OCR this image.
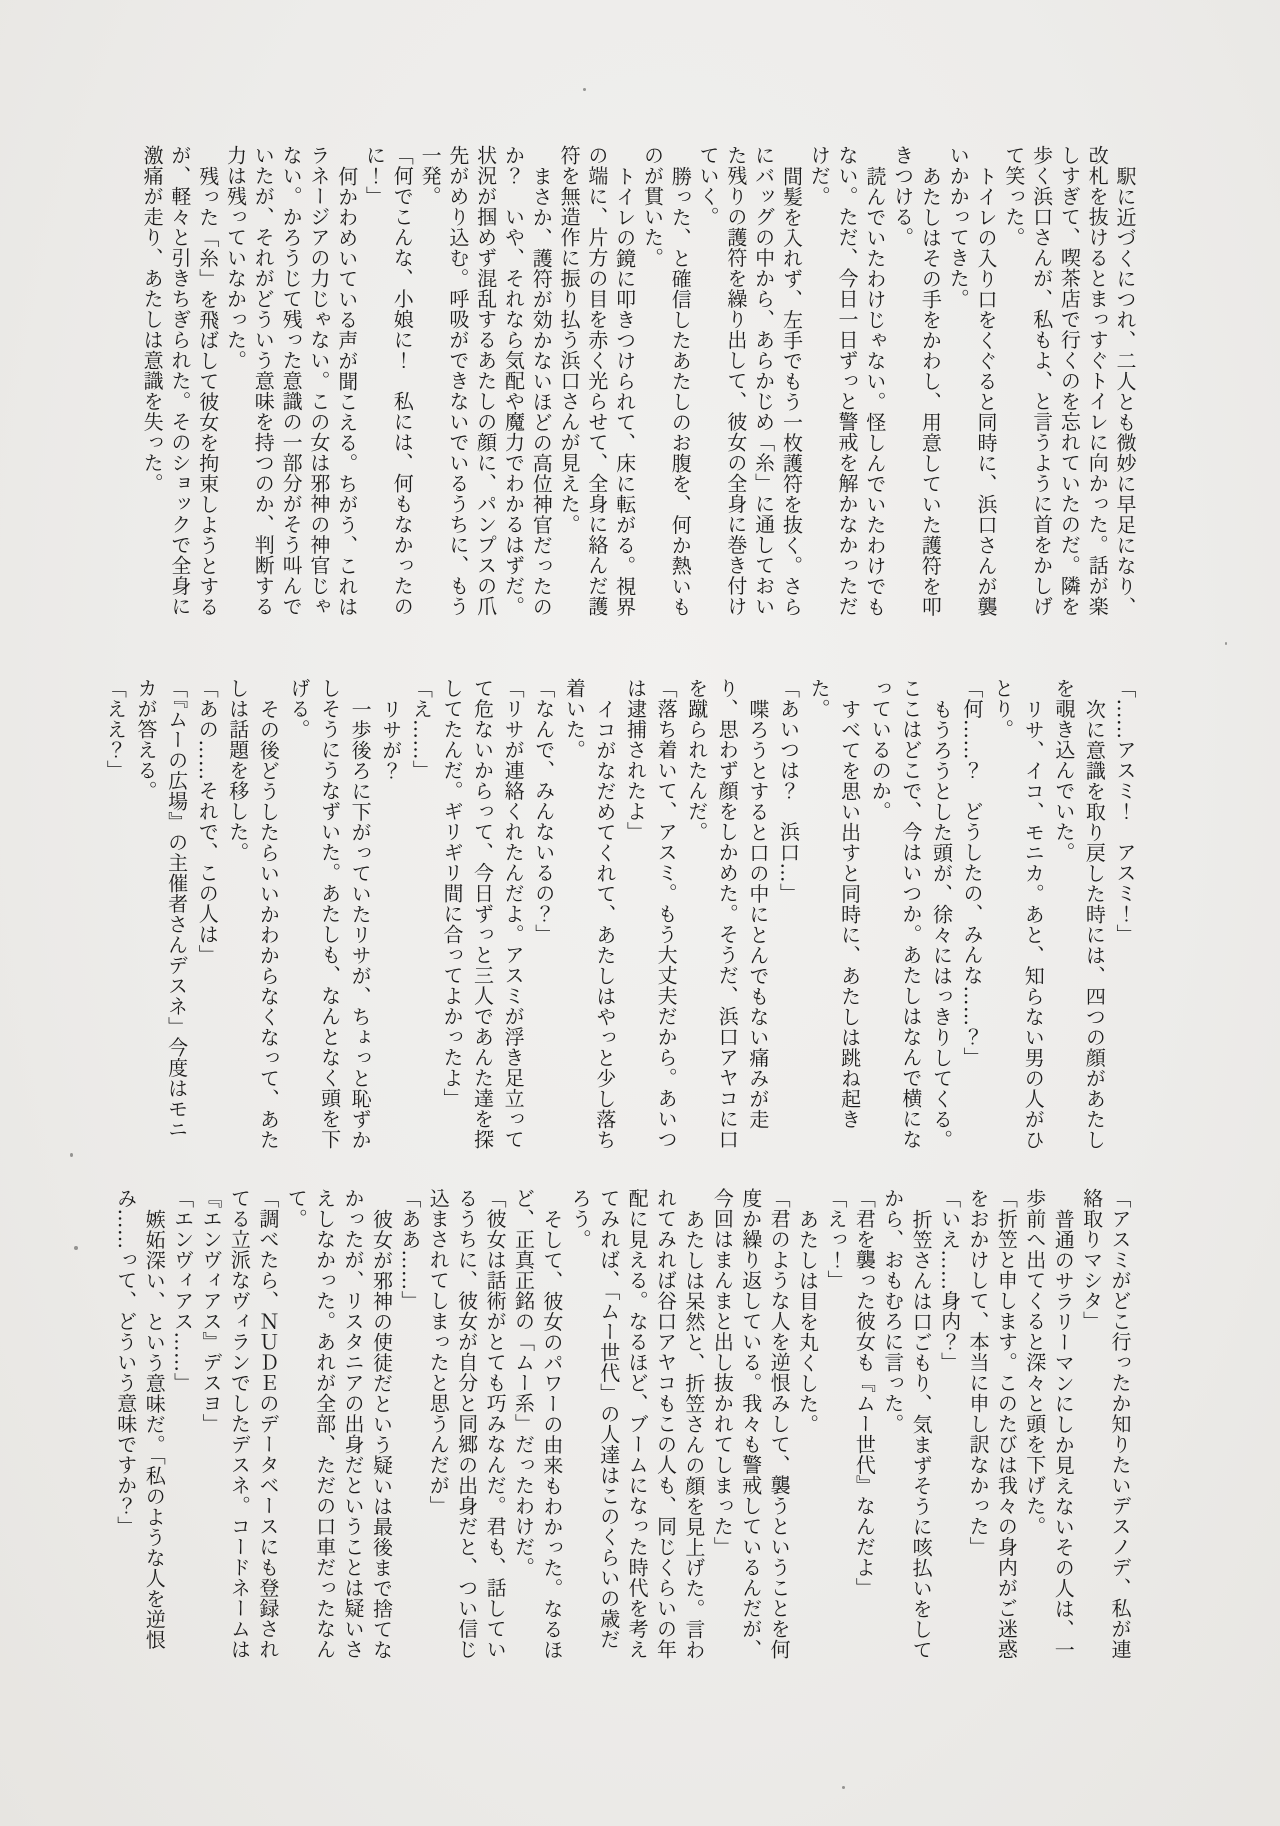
駅に近づくにつれ、二人とも微妙に早足になり、改札を抜けるとまっすぐトイレに向かった。話が楽しすぎて、喫茶店で行くのを忘れていたのだ。隣を歩く浜口さんが、私もよ、と言うように首をかしげて笑った。

トイレの入り口をくぐると同時に、浜口さんが襲いかかってきた。

あたしはその手をかわし、用意していた護符を叩きつける。

読んでいたわけじゃない。怪しんでいたわけでもない。ただ、今日一日ずっと警戒を解かなかっただけだ。

間髪を入れず、左手でもう一枚護符を抜く。さらにバッグの中から、あらかじめ「糸」に通しておいた残りの護符を繰り出して、彼女の全身に巻き付けていく。

勝った、と確信したあたしのお腹を、何か熱いものが貫いた。

トイレの鏡に叩きつけられて、床に転がる。視界の端に、片方の目を赤く光らせて、全身に絡んだ護符を無造作に振り払う浜口さんが見えた。

まさか、護符が効かないほどの高位神官だったのか？　いや、それなら気配や魔力でわかるはずだ。状況が掴めず混乱するあたしの顔に、パンプスの爪先がめり込む。呼吸ができないでいるうちに、もう一発。

「何でこんな、小娘に！　私には、何もなかったのに！」

何かわめいている声が聞こえる。ちがう、これはラネージアの力じゃない。この女は邪神の神官じゃない。かろうじて残った意識の一部分がそう叫んでいたが、それがどういう意味を持つのか、判断する力は残っていなかった。

残った「糸」を飛ばして彼女を拘束しようとするが、軽々と引きちぎられた。そのショックで全身に激痛が走り、あたしは意識を失った。

「……アスミ！　アスミ！」

次に意識を取り戻した時には、四つの顔があたしを覗き込んでいた。

リサ、イコ、モニカ。あと、知らない男の人がひとり。

「何……？　どうしたの、みんな……？」

もうろうとした頭が、徐々にはっきりしてくる。ここはどこで、今はいつか。あたしはなんで横になっているのか。

すべてを思い出すと同時に、あたしは跳ね起きた。

「あいつは？　浜口…」

喋ろうとすると口の中にとんでもない痛みが走り、思わず顔をしかめた。そうだ、浜口アヤコに口を蹴られたんだ。

「落ち着いて、アスミ。もう大丈夫だから。あいつは逮捕されたよ」

イコがなだめてくれて、あたしはやっと少し落ち着いた。

「なんで、みんないるの？」

「リサが連絡くれたんだよ。アスミが浮き足立ってて危ないからって、今日ずっと三人であんた達を探してたんだ。ギリギリ間に合ってよかったよ」

「え……」

リサが？

一歩後ろに下がっていたリサが、ちょっと恥ずかしそうにうなずいた。あたしも、なんとなく頭を下げる。

その後どうしたらいいかわからなくなって、あたしは話題を移した。

「あの……それで、この人は」

「『ムーの広場』の主催者さんデスネ」今度はモニカが答える。

「ええ？」

「アスミがどこ行ったか知りたいデスノデ、私が連絡取りマシタ」

普通のサラリーマンにしか見えないその人は、一歩前へ出てくると深々と頭を下げた。

「折笠と申します。このたびは我々の身内がご迷惑をおかけして、本当に申し訳なかった」

「いえ……身内？」

折笠さんは口ごもり、気まずそうに咳払いをしてから、おもむろに言った。

「君を襲った彼女も『ムー世代』なんだよ」

「えっ！」

あたしは目を丸くした。

「君のような人を逆恨みして、襲うということを何度か繰り返している。我々も警戒しているんだが、今回はまんまと出し抜かれてしまった」

あたしは呆然と、折笠さんの顔を見上げた。言われてみれば谷口アヤコもこの人も、同じくらいの年配に見える。なるほど、ブームになった時代を考えてみれば、「ムー世代」の人達はこのくらいの歳だろう。

そして、彼女のパワーの由来もわかった。なるほど、正真正銘の「ムー系」だったわけだ。

「彼女は話術がとても巧みなんだ。君も、話しているうちに、彼女が自分と同郷の出身だと、つい信じ込まされてしまったと思うんだが」

「ああ……」

彼女が邪神の使徒だという疑いは最後まで捨てなかったが、リスタニアの出身だということは疑いさえしなかった。あれが全部、ただの口車だったなんて。

「調べたら、ＮＵＤＥのデータベースにも登録されてる立派なヴィランでしたデスネ。コードネームは『エンヴィアス』デスヨ」

「エンヴィアス……」

嫉妬深い、という意味だ。「私のような人を逆恨み……って、どういう意味ですか？」
